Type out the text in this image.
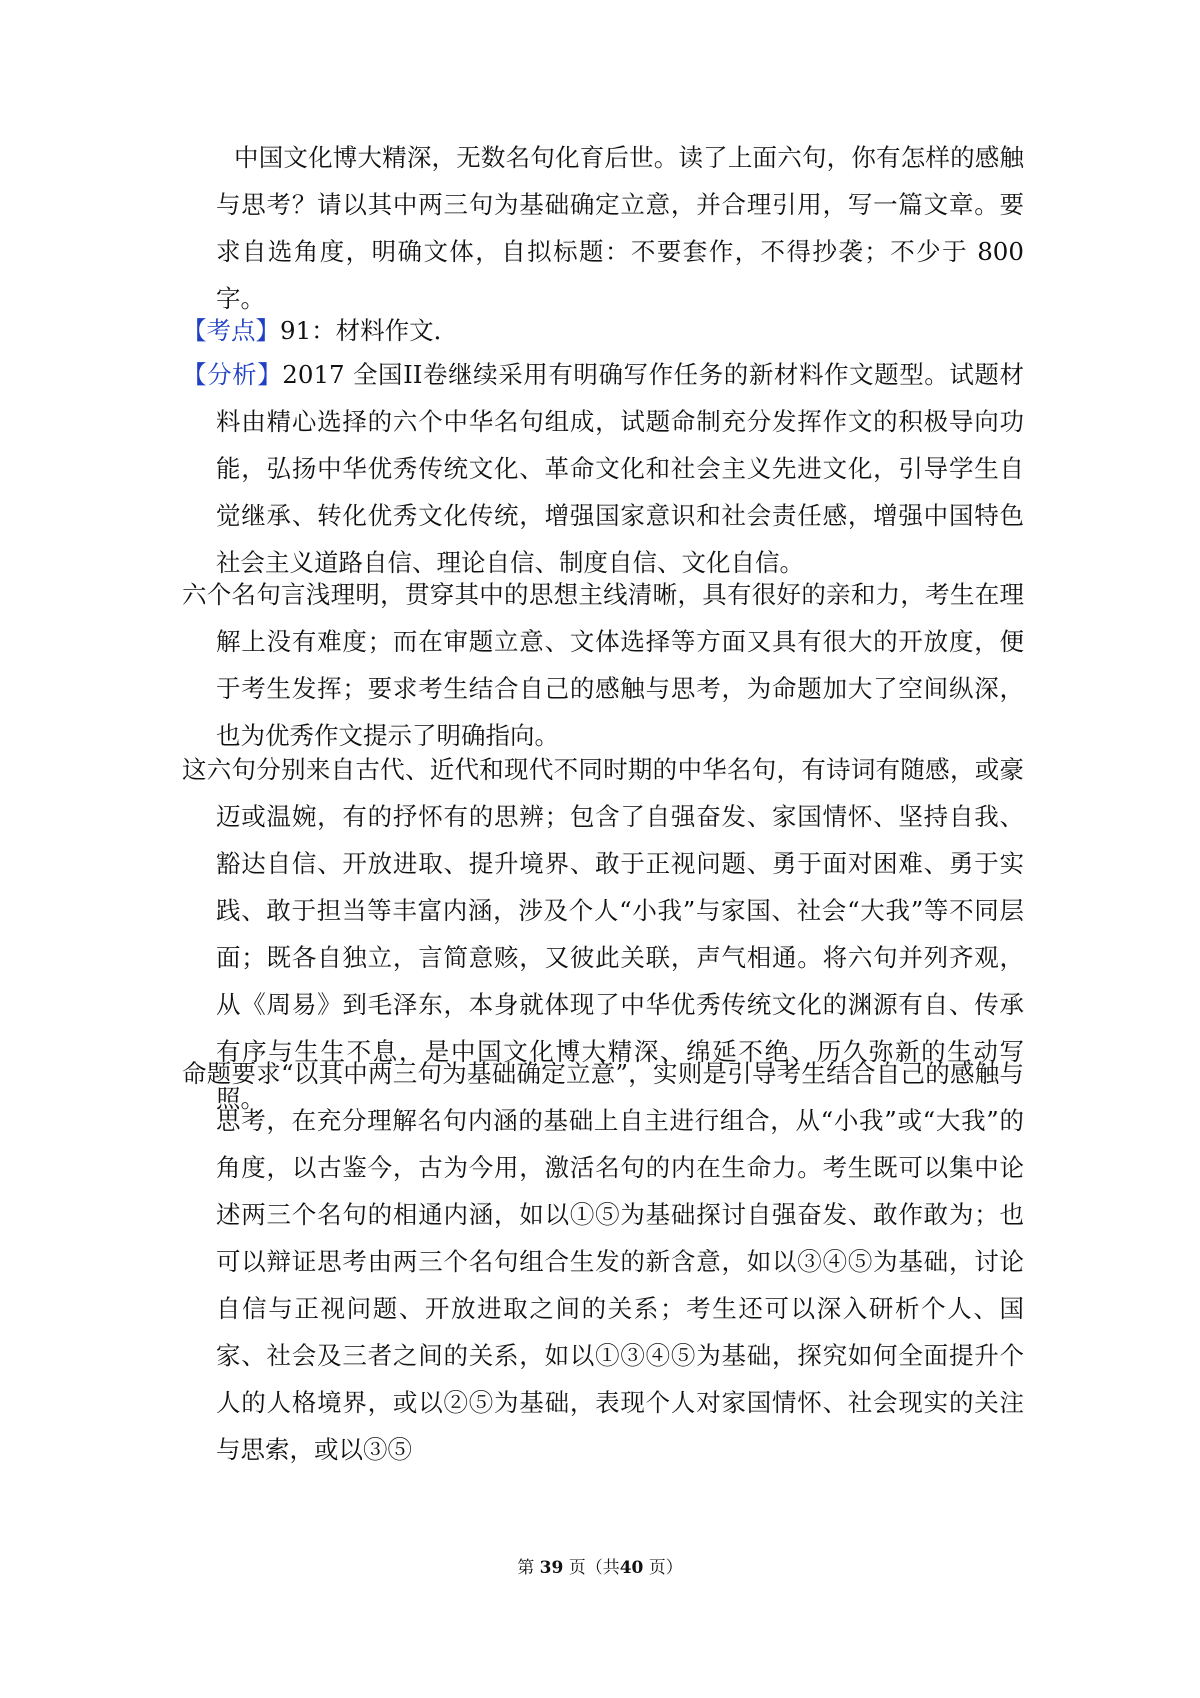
中国文化博大精深，无数名句化育后世。读了上面六句，你有怎样的感触与思考？请以其中两三句为基础确定立意，并合理引用，写一篇文章。要求自选角度，明确文体，自拟标题：不要套作，不得抄袭；不少于 800 字。
【考点】91：材料作文．
【分析】2017 全国II卷继续采用有明确写作任务的新材料作文题型。试题材料由精心选择的六个中华名句组成，试题命制充分发挥作文的积极导向功能，弘扬中华优秀传统文化、革命文化和社会主义先进文化，引导学生自觉继承、转化优秀文化传统，增强国家意识和社会责任感，增强中国特色社会主义道路自信、理论自信、制度自信、文化自信。
六个名句言浅理明，贯穿其中的思想主线清晰，具有很好的亲和力，考生在理解上没有难度；而在审题立意、文体选择等方面又具有很大的开放度，便于考生发挥；要求考生结合自己的感触与思考，为命题加大了空间纵深，也为优秀作文提示了明确指向。
这六句分别来自古代、近代和现代不同时期的中华名句，有诗词有随感，或豪迈或温婉，有的抒怀有的思辨；包含了自强奋发、家国情怀、坚持自我、豁达自信、开放进取、提升境界、敢于正视问题、勇于面对困难、勇于实践、敢于担当等丰富内涵，涉及个人“小我”与家国、社会“大我”等不同层面；既各自独立，言简意赅，又彼此关联，声气相通。将六句并列齐观，从《周易》到毛泽东，本身就体现了中华优秀传统文化的渊源有自、传承有序与生生不息，是中国文化博大精深、绵延不绝、历久弥新的生动写照。
命题要求“以其中两三句为基础确定立意”，实则是引导考生结合自己的感触与思考，在充分理解名句内涵的基础上自主进行组合，从“小我”或“大我”的角度，以古鉴今，古为今用，激活名句的内在生命力。考生既可以集中论述两三个名句的相通内涵，如以①⑤为基础探讨自强奋发、敢作敢为；也可以辩证思考由两三个名句组合生发的新含意，如以③④⑤为基础，讨论自信与正视问题、开放进取之间的关系；考生还可以深入研析个人、国家、社会及三者之间的关系，如以①③④⑤为基础，探究如何全面提升个人的人格境界，或以②⑤为基础，表现个人对家国情怀、社会现实的关注与思索，或以③⑤
第 39 页（共40 页）
